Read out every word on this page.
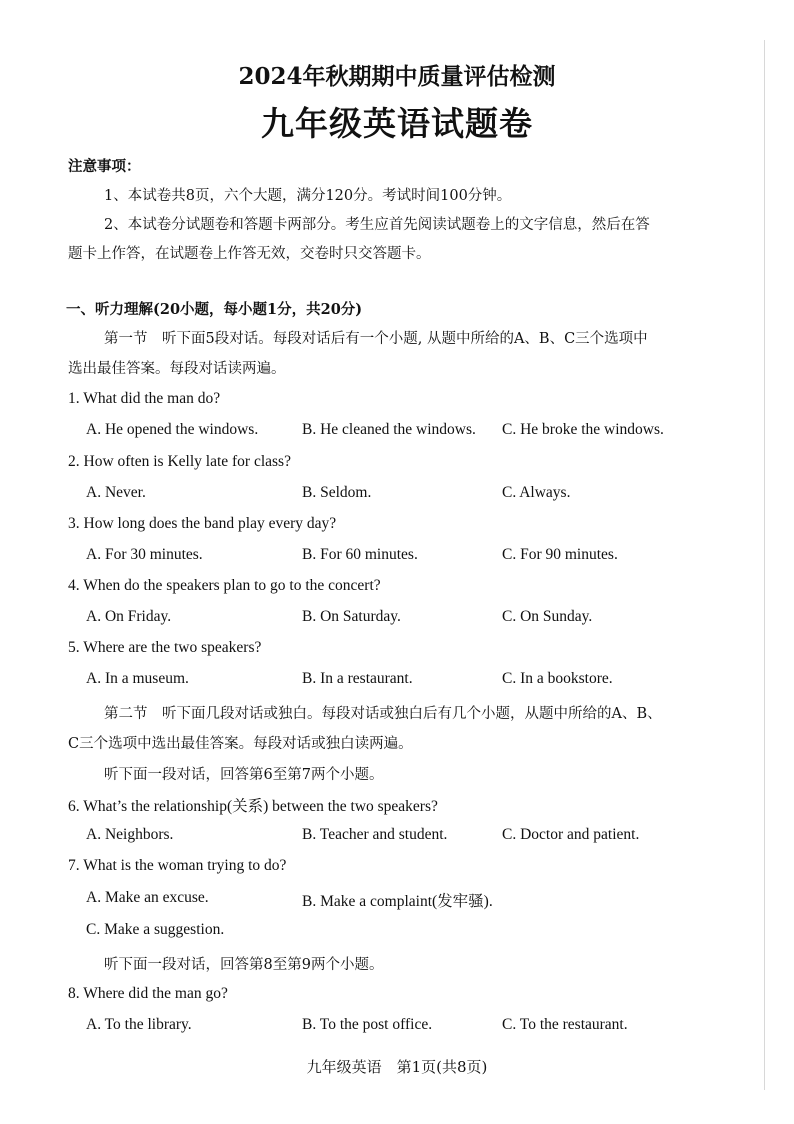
2024年秋期期中质量评估检测
九年级英语试题卷
注意事项：
1、本试卷共8页，六个大题，满分120分。考试时间100分钟。
2、本试卷分试题卷和答题卡两部分。考生应首先阅读试题卷上的文字信息，然后在答
题卡上作答，在试题卷上作答无效，交卷时只交答题卡。
一、听力理解(20小题，每小题1分，共20分)
第一节　听下面5段对话。每段对话后有一个小题, 从题中所给的A、B、C三个选项中
选出最佳答案。每段对话读两遍。
1. What did the man do?
A. He opened the windows.	B. He cleaned the windows. C. He broke the windows.
2. How often is Kelly late for class?
A. Never.	B. Seldom.	C. Always.
3. How long does the band play every day?
A. For 30 minutes.	B. For 60 minutes.	C. For 90 minutes.
4. When do the speakers plan to go to the concert?
A. On Friday.	B. On Saturday.	C. On Sunday.
5. Where are the two speakers?
A. In a museum.	B. In a restaurant.	C. In a bookstore.
第二节　听下面几段对话或独白。每段对话或独白后有几个小题，从题中所给的A、B、
C三个选项中选出最佳答案。每段对话或独白读两遍。
听下面一段对话，回答第6至第7两个小题。
6. What’s the relationship(关系) between the two speakers?
A. Neighbors.	B. Teacher and student.	C. Doctor and patient.
7. What is the woman trying to do?
A. Make an excuse.	B. Make a complaint(发牢骚).
C. Make a suggestion.
听下面一段对话，回答第8至第9两个小题。
8. Where did the man go?
A. To the library.	B. To the post office.	C. To the restaurant.
九年级英语　第1页(共8页)
